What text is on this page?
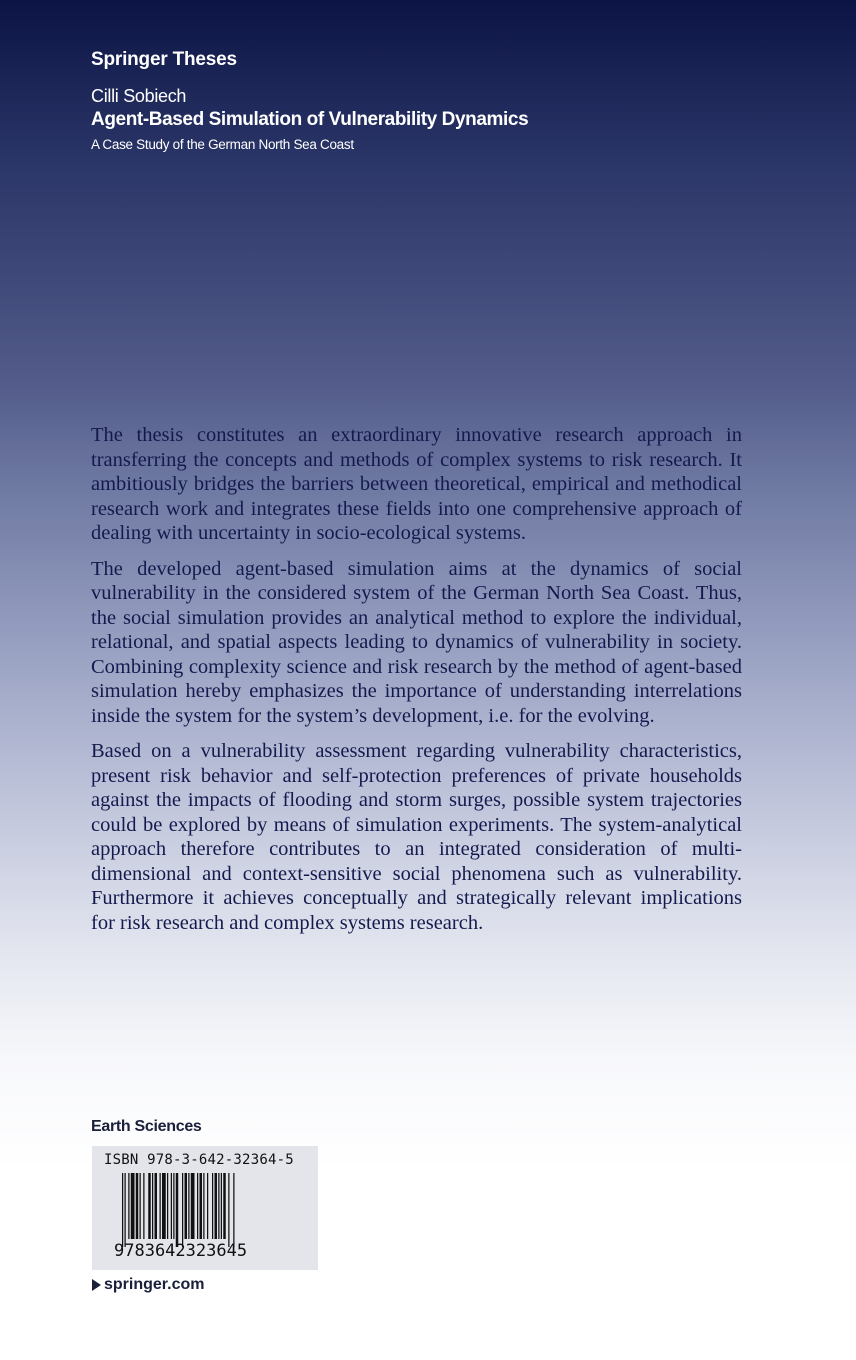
Springer Theses
Cilli Sobiech
Agent-Based Simulation of Vulnerability Dynamics
A Case Study of the German North Sea Coast

The thesis constitutes an extraordinary innovative research approach in transferring the concepts and methods of complex systems to risk research. It ambitiously bridges the barriers between theoretical, empirical and methodical research work and integrates these fields into one comprehensive approach of dealing with uncertainty in socio-ecological systems.

The developed agent-based simulation aims at the dynamics of social vulnerability in the considered system of the German North Sea Coast. Thus, the social simulation provides an analytical method to explore the individual, relational, and spatial aspects leading to dynamics of vulnerability in society. Combining complexity science and risk research by the method of agent-based simulation hereby emphasizes the importance of understanding interrelations inside the system for the system’s development, i.e. for the evolving.

Based on a vulnerability assessment regarding vulnerability characteristics, present risk behavior and self-protection preferences of private households against the impacts of flooding and storm surges, possible system trajectories could be explored by means of simulation experiments. The system-analytical approach therefore contributes to an integrated consideration of multi-dimensional and context-sensitive social phenomena such as vulnerability. Furthermore it achieves conceptually and strategically relevant implications for risk research and complex systems research.

Earth Sciences
ISBN 978-3-642-32364-5
9783642323645
springer.com
